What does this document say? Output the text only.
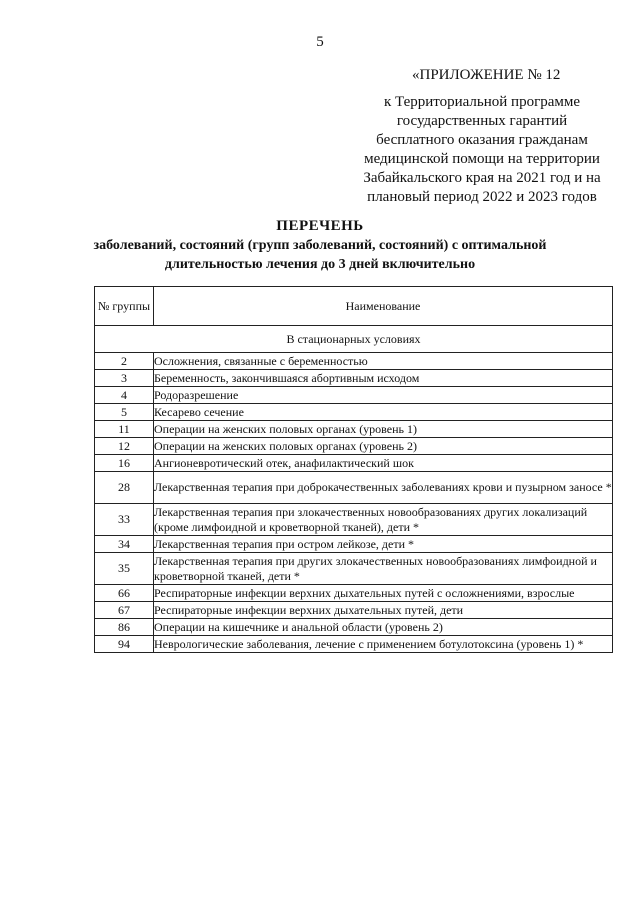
5
«ПРИЛОЖЕНИЕ № 12
к Территориальной программе
государственных гарантий
бесплатного оказания гражданам
медицинской помощи на территории
Забайкальского края на 2021 год и на
плановый период 2022 и 2023 годов
ПЕРЕЧЕНЬ
заболеваний, состояний (групп заболеваний, состояний) с оптимальной
длительностью лечения до 3 дней включительно
№ группы	Наименование
В стационарных условиях	
2	Осложнения, связанные с беременностью
3	Беременность, закончившаяся абортивным исходом
4	Родоразрешение
5	Кесарево сечение
11	Операции на женских половых органах (уровень 1)
12	Операции на женских половых органах (уровень 2)
16	Ангионевротический отек, анафилактический шок
28	Лекарственная терапия при доброкачественных заболеваниях крови и пузырном заносе *
33	Лекарственная терапия при злокачественных новообразованиях других локализаций (кроме лимфоидной и кроветворной тканей), дети *
34	Лекарственная терапия при остром лейкозе, дети *
35	Лекарственная терапия при других злокачественных новообразованиях лимфоидной и кроветворной тканей, дети *
66	Респираторные инфекции верхних дыхательных путей с осложнениями, взрослые
67	Респираторные инфекции верхних дыхательных путей, дети
86	Операции на кишечнике и анальной области (уровень 2)
94	Неврологические заболевания, лечение с применением ботулотоксина (уровень 1) *
